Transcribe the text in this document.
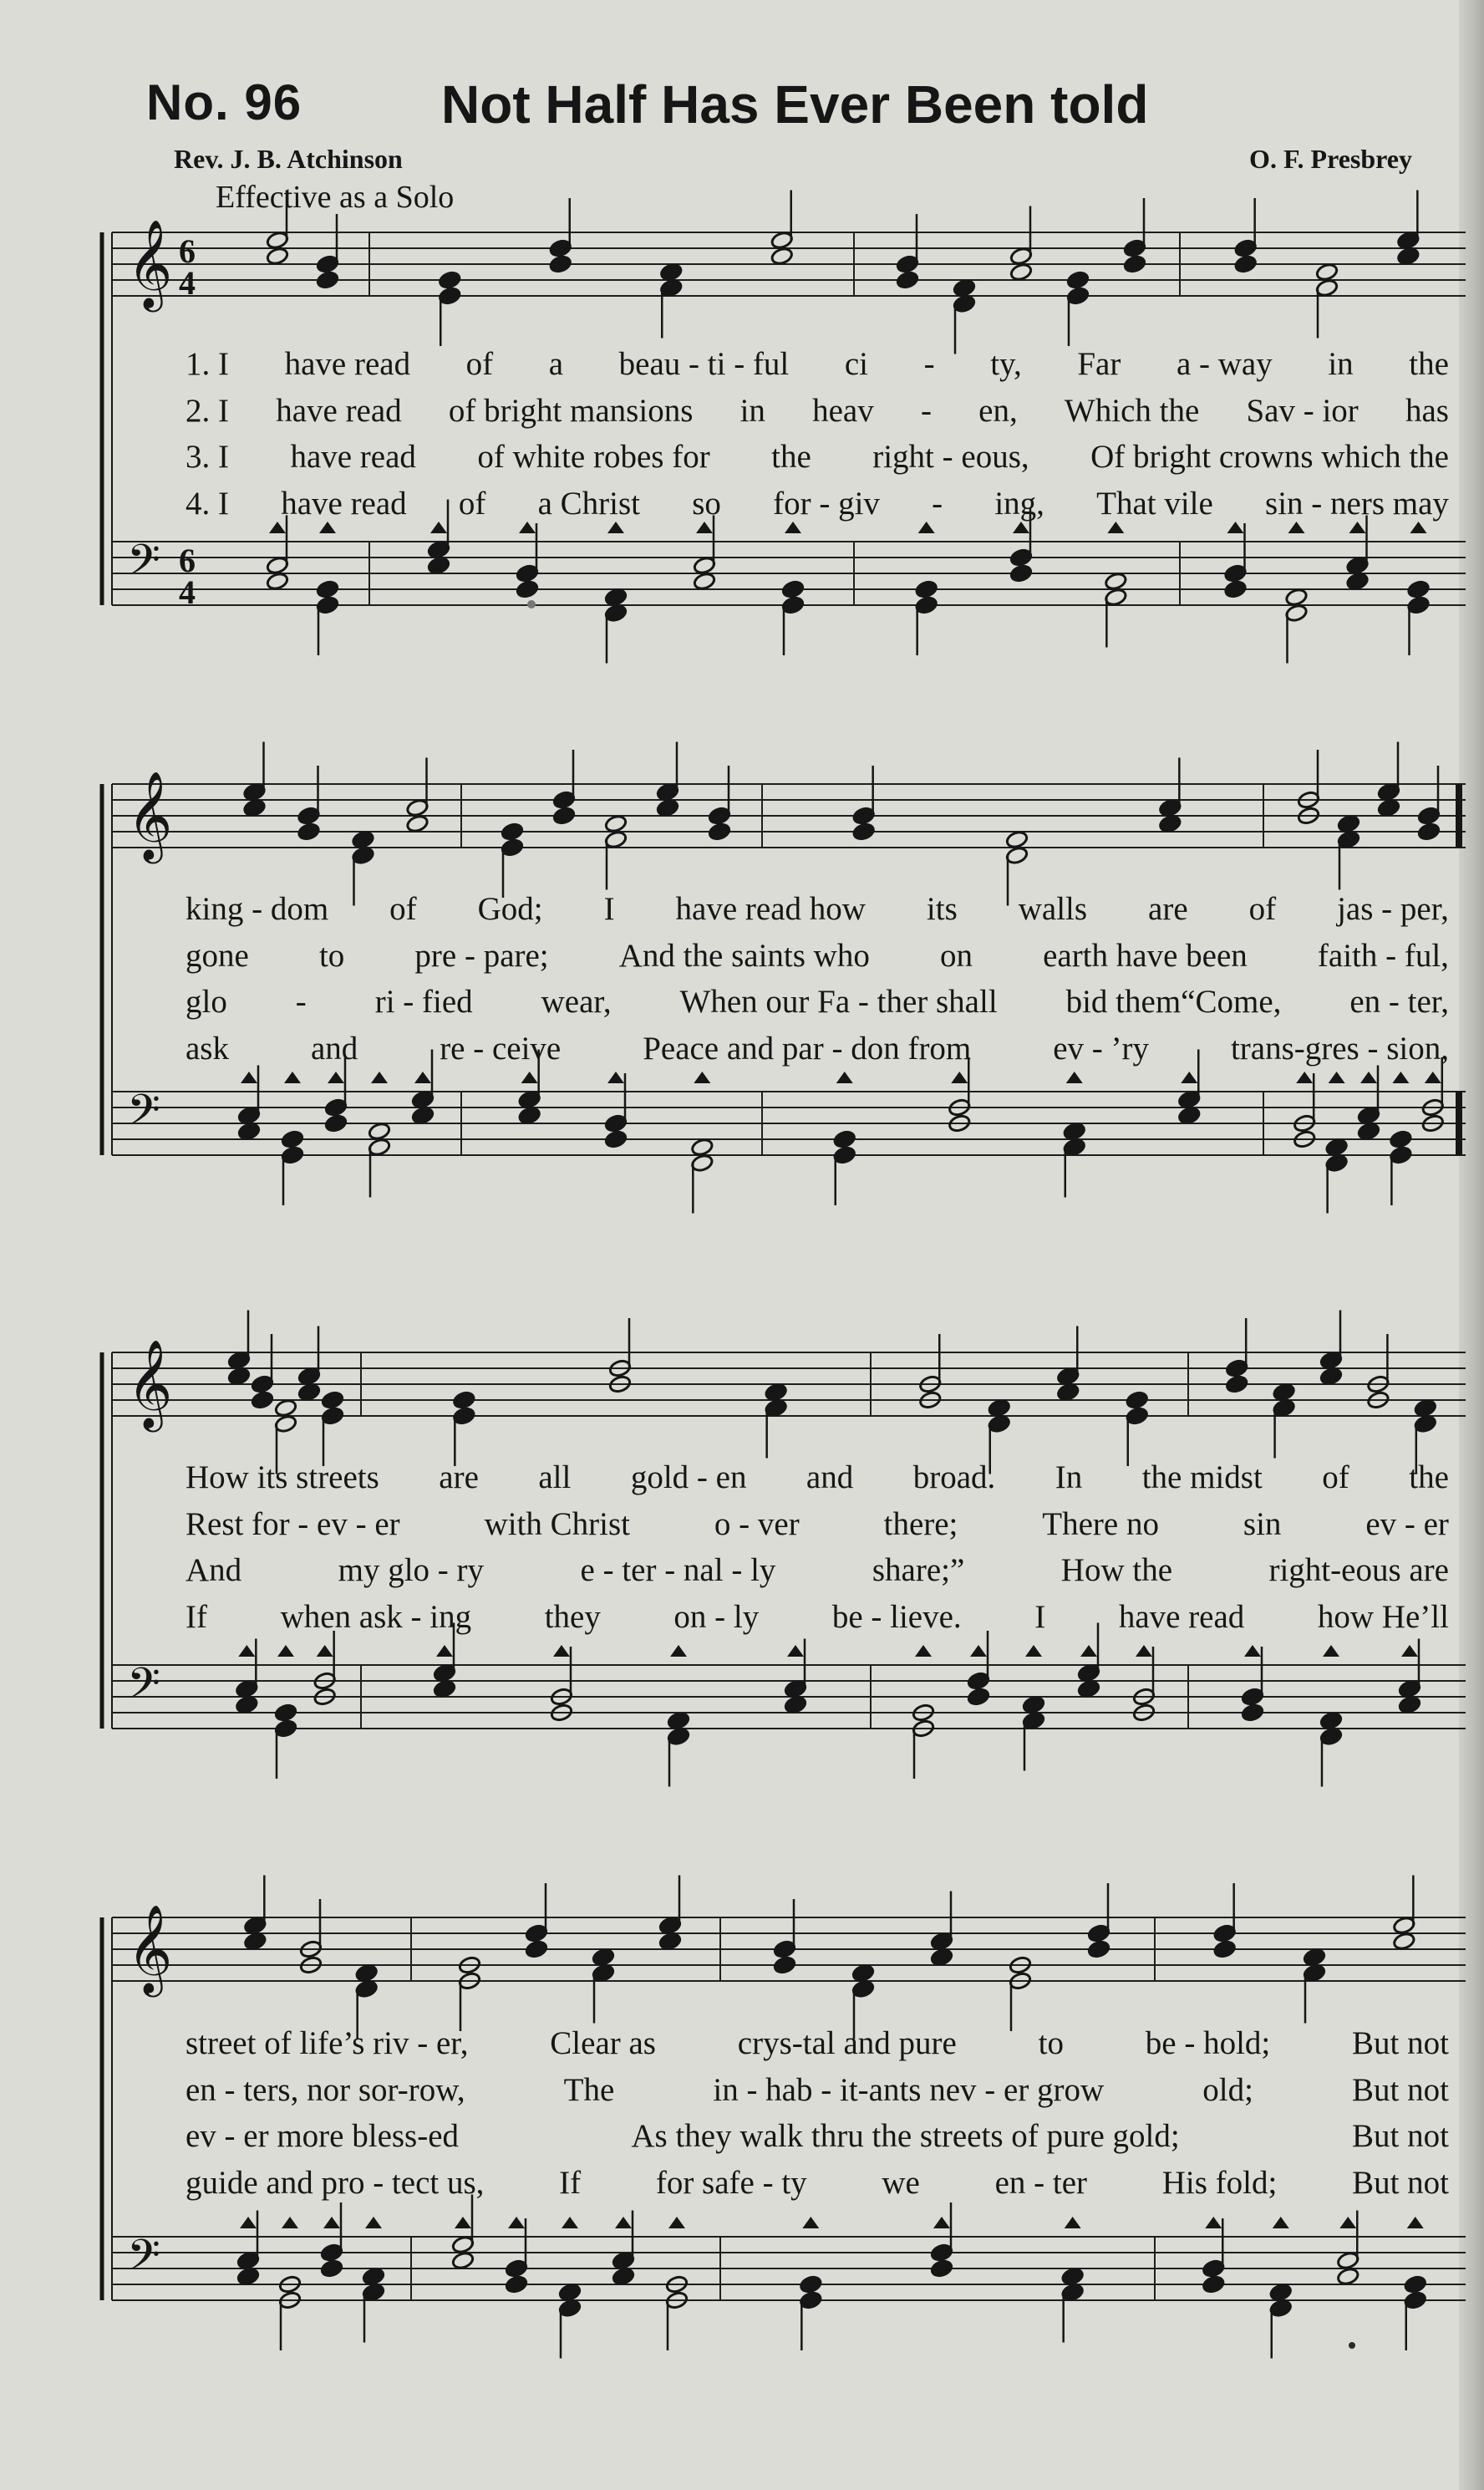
No. 96	Not Half Has Ever Been told
Rev. J. B. Atchinson	O. F. Presbrey
Effective as a Solo
𝄞 6
4
𝄢 6
4
1. I have read of a beau - ti - ful ci - ty, Far a - way in the
2. I have read of bright mansions in heav - en, Which the Sav - ior has
3. I have read of white robes for the right - eous, Of bright crowns which the
4. I have read of a Christ so for - giv - ing, That vile sin - ners may
𝄞
𝄢
king - dom of God; I have read how its walls are of jas - per,
gone to pre - pare; And the saints who on earth have been faith - ful,
glo - ri - fied wear, When our Fa - ther shall bid them“Come, en - ter,
ask	and	re - ceive	Peace and par - don from	ev - ’ry	trans-gres - sion,
𝄞
𝄢
How its streets are all gold - en and broad. In the midst of the
Rest for - ev - er	with Christ	o - ver	there;	There no	sin	ev - er
And	my glo - ry	e - ter - nal - ly	share;”	How the	right-eous are
If when ask - ing they on - ly be - lieve. I have read how He’ll
𝄞
𝄢
street of life’s riv - er,	Clear as	crys-tal and pure	to	be - hold;	But not
en - ters, nor sor-row,	The	in - hab - it-ants nev - er grow	old;	But not
ev - er more bless-ed	As they walk thru the streets of pure gold;	But not
guide and pro - tect us, If for safe - ty we en - ter His fold; But not
